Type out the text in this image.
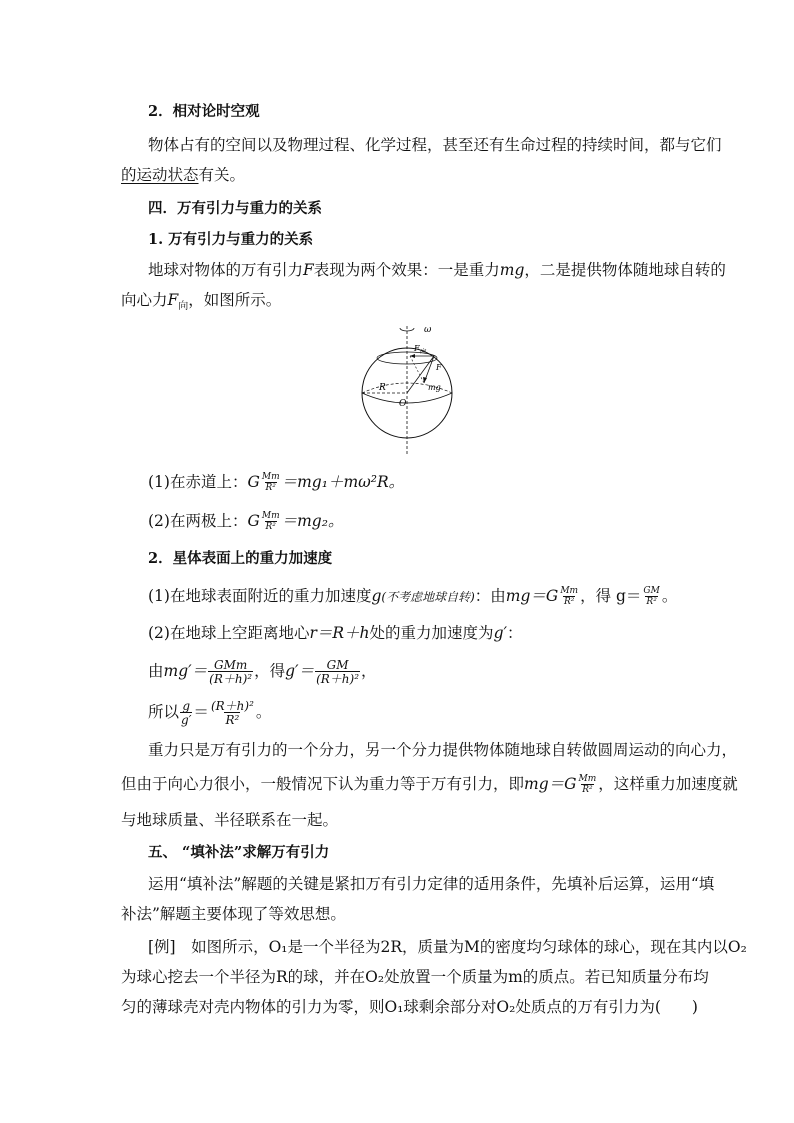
2．相对论时空观
物体占有的空间以及物理过程、化学过程，甚至还有生命过程的持续时间，都与它们
的运动状态有关。
四．万有引力与重力的关系
1. 万有引力与重力的关系
地球对物体的万有引力F表现为两个效果：一是重力mg，二是提供物体随地球自转的
向心力$F_向$，如图所示。
ω
R
O
$F_向$
F
mg
(1)在赤道上：G $\frac{Mm}{\text{R²}} =mg_1+m\omega^2R$。
(2)在两极上：G $\frac{Mm}{\text{R²}} =mg_2$。
2．星体表面上的重力加速度
(1)在地球表面附近的重力加速度g(不考虑地球自转)：由$mg=G \frac{Mm}{\text{R²}}$ ，得 $g= \frac{GM}{\text{R²}}$ 。
(2)在地球上空距离地心r＝R＋h处的重力加速度为g′：
由$mg'= \frac{\text{GMm}}{\text{(R＋h)²}}$ ，得$g'= \frac{GM}{\text{(R＋h)²}}$ ，
所以 $\frac{g}{g'} = \frac{\text{(R＋h)²}}{\text{R²}}$ 。
重力只是万有引力的一个分力，另一个分力提供物体随地球自转做圆周运动的向心力，
但由于向心力很小，一般情况下认为重力等于万有引力，即$mg=G \frac{Mm}{\text{R²}}$ ，这样重力加速度就
与地球质量、半径联系在一起。
五、 “填补法”求解万有引力
运用“填补法”解题的关键是紧扣万有引力定律的适用条件，先填补后运算，运用“填
补法”解题主要体现了等效思想。
[例]　如图所示，O₁是一个半径为2R，质量为M的密度均匀球体的球心，现在其内以O₂
为球心挖去一个半径为R的球，并在O₂处放置一个质量为m的质点。若已知质量分布均
匀的薄球壳对壳内物体的引力为零，则O₁球剩余部分对O₂处质点的万有引力为(　　)
